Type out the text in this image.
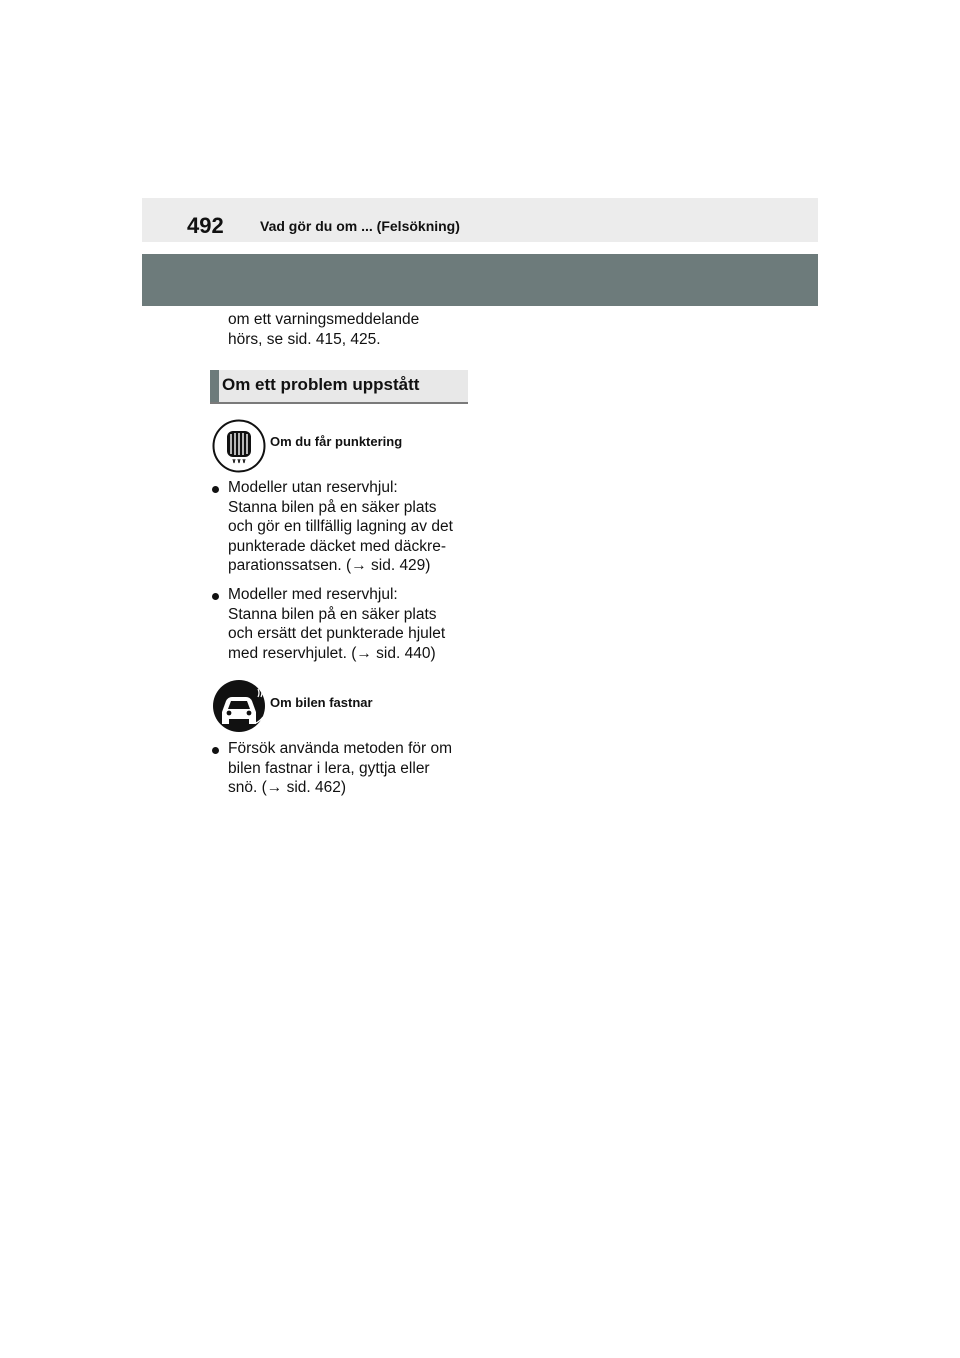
492	Vad gör du om ... (Felsökning)
om ett varningsmeddelande
hörs, se sid. 415, 425.
Om ett problem uppstått
Om du får punktering
Modeller utan reservhjul:
Stanna bilen på en säker plats
och gör en tillfällig lagning av det
punkterade däcket med däckre-
parationssatsen. (→ sid. 429)
Modeller med reservhjul:
Stanna bilen på en säker plats
och ersätt det punkterade hjulet
med reservhjulet. (→ sid. 440)
Om bilen fastnar
Försök använda metoden för om
bilen fastnar i lera, gyttja eller
snö. (→ sid. 462)
